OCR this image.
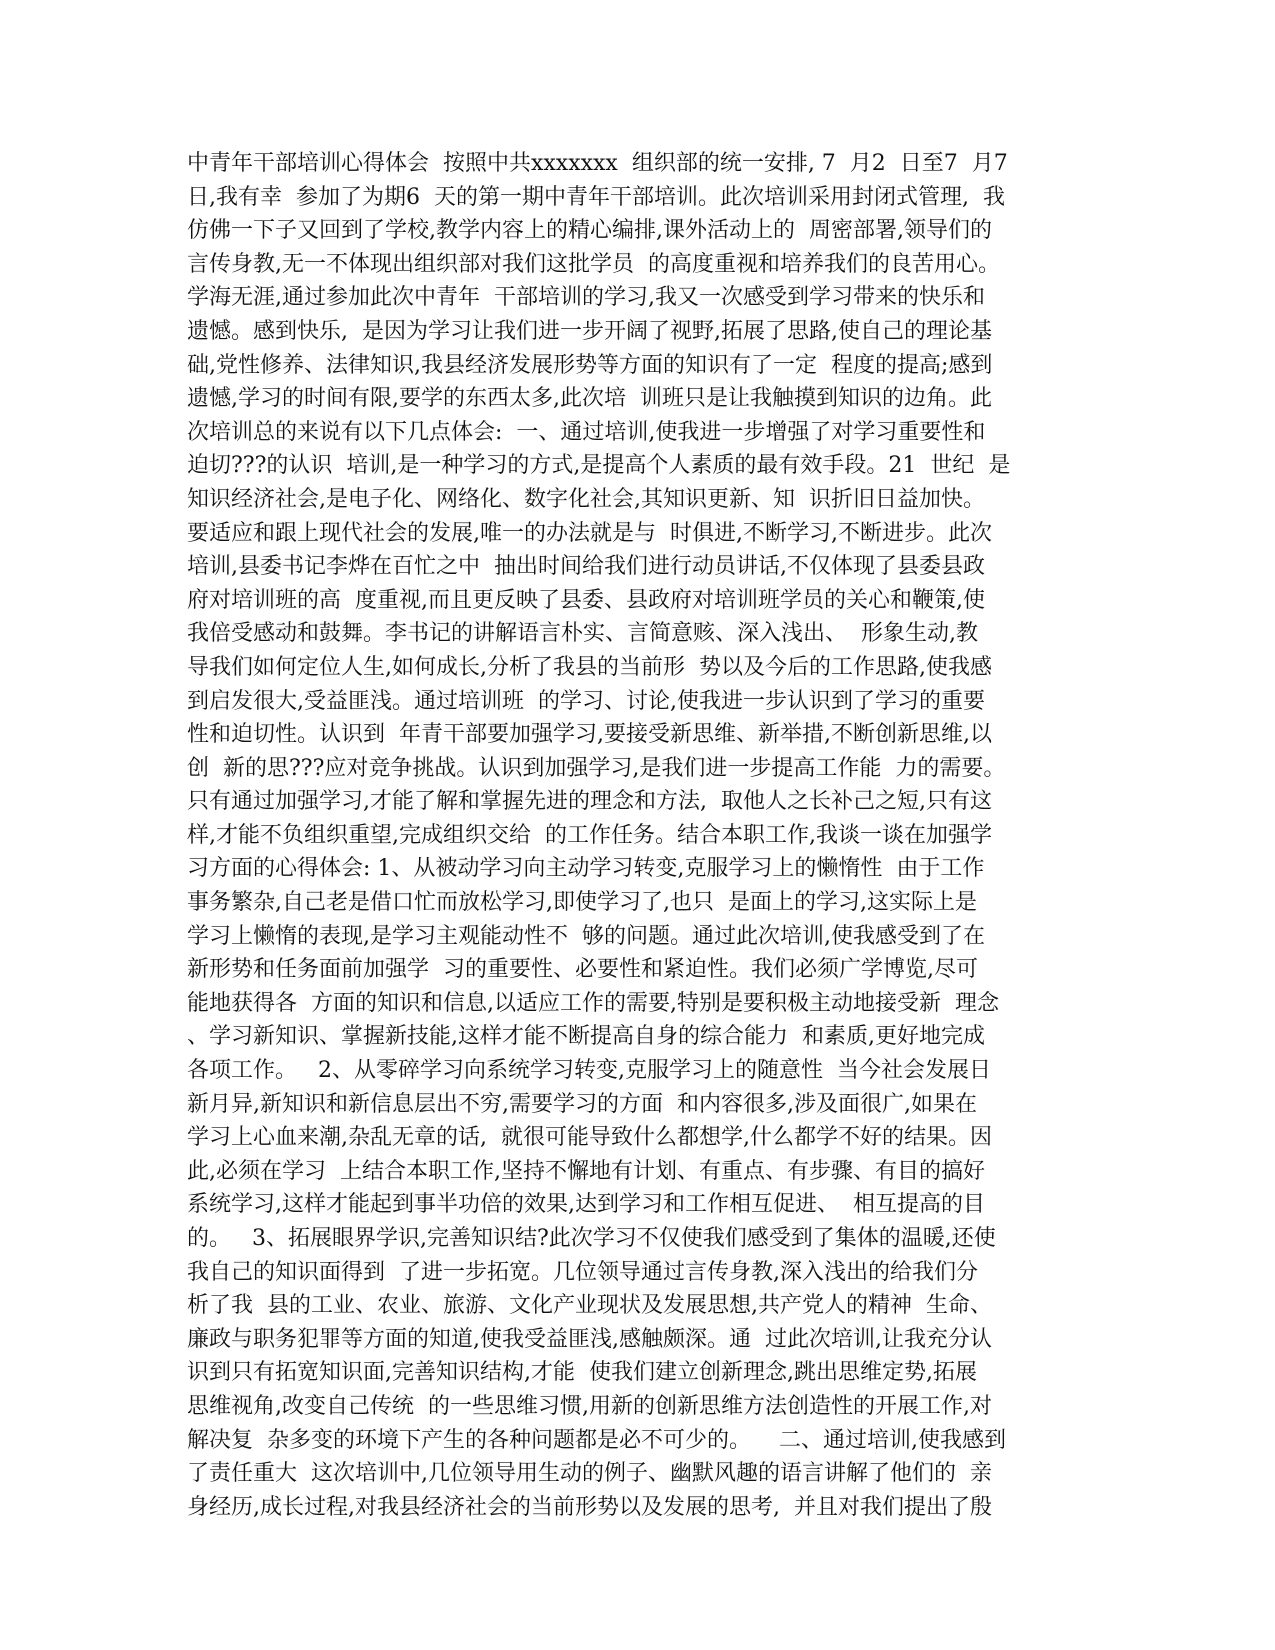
中青年干部培训心得体会  按照中共xxxxxxx  组织部的统一安排, 7  月2  日至7  月7
日,我有幸  参加了为期6  天的第一期中青年干部培训。此次培训采用封闭式管理,  我
仿佛一下子又回到了学校,教学内容上的精心编排,课外活动上的  周密部署,领导们的
言传身教,无一不体现出组织部对我们这批学员  的高度重视和培养我们的良苦用心。
学海无涯,通过参加此次中青年  干部培训的学习,我又一次感受到学习带来的快乐和
遗憾。感到快乐,  是因为学习让我们进一步开阔了视野,拓展了思路,使自己的理论基
础,党性修养、法律知识,我县经济发展形势等方面的知识有了一定  程度的提高;感到
遗憾,学习的时间有限,要学的东西太多,此次培  训班只是让我触摸到知识的边角。此
次培训总的来说有以下几点体会:  一、通过培训,使我进一步增强了对学习重要性和
迫切???的认识  培训,是一种学习的方式,是提高个人素质的最有效手段。21  世纪  是
知识经济社会,是电子化、网络化、数字化社会,其知识更新、知  识折旧日益加快。
要适应和跟上现代社会的发展,唯一的办法就是与  时俱进,不断学习,不断进步。此次
培训,县委书记李烨在百忙之中  抽出时间给我们进行动员讲话,不仅体现了县委县政
府对培训班的高  度重视,而且更反映了县委、县政府对培训班学员的关心和鞭策,使
我倍受感动和鼓舞。李书记的讲解语言朴实、言简意赅、深入浅出、  形象生动,教
导我们如何定位人生,如何成长,分析了我县的当前形  势以及今后的工作思路,使我感
到启发很大,受益匪浅。通过培训班  的学习、讨论,使我进一步认识到了学习的重要
性和迫切性。认识到  年青干部要加强学习,要接受新思维、新举措,不断创新思维,以
创  新的思???应对竞争挑战。认识到加强学习,是我们进一步提高工作能  力的需要。
只有通过加强学习,才能了解和掌握先进的理念和方法,  取他人之长补己之短,只有这
样,才能不负组织重望,完成组织交给  的工作任务。结合本职工作,我谈一谈在加强学
习方面的心得体会: 1、从被动学习向主动学习转变,克服学习上的懒惰性  由于工作
事务繁杂,自己老是借口忙而放松学习,即使学习了,也只  是面上的学习,这实际上是
学习上懒惰的表现,是学习主观能动性不  够的问题。通过此次培训,使我感受到了在
新形势和任务面前加强学  习的重要性、必要性和紧迫性。我们必须广学博览,尽可
能地获得各  方面的知识和信息,以适应工作的需要,特别是要积极主动地接受新  理念
、学习新知识、掌握新技能,这样才能不断提高自身的综合能力  和素质,更好地完成
各项工作。   2、从零碎学习向系统学习转变,克服学习上的随意性  当今社会发展日
新月异,新知识和新信息层出不穷,需要学习的方面  和内容很多,涉及面很广,如果在
学习上心血来潮,杂乱无章的话,  就很可能导致什么都想学,什么都学不好的结果。因
此,必须在学习  上结合本职工作,坚持不懈地有计划、有重点、有步骤、有目的搞好
系统学习,这样才能起到事半功倍的效果,达到学习和工作相互促进、  相互提高的目
的。   3、拓展眼界学识,完善知识结?此次学习不仅使我们感受到了集体的温暖,还使
我自己的知识面得到  了进一步拓宽。几位领导通过言传身教,深入浅出的给我们分
析了我  县的工业、农业、旅游、文化产业现状及发展思想,共产党人的精神  生命、
廉政与职务犯罪等方面的知道,使我受益匪浅,感触颇深。通  过此次培训,让我充分认
识到只有拓宽知识面,完善知识结构,才能  使我们建立创新理念,跳出思维定势,拓展
思维视角,改变自己传统  的一些思维习惯,用新的创新思维方法创造性的开展工作,对
解决复  杂多变的环境下产生的各种问题都是必不可少的。    二、通过培训,使我感到
了责任重大  这次培训中,几位领导用生动的例子、幽默风趣的语言讲解了他们的  亲
身经历,成长过程,对我县经济社会的当前形势以及发展的思考,  并且对我们提出了殷
